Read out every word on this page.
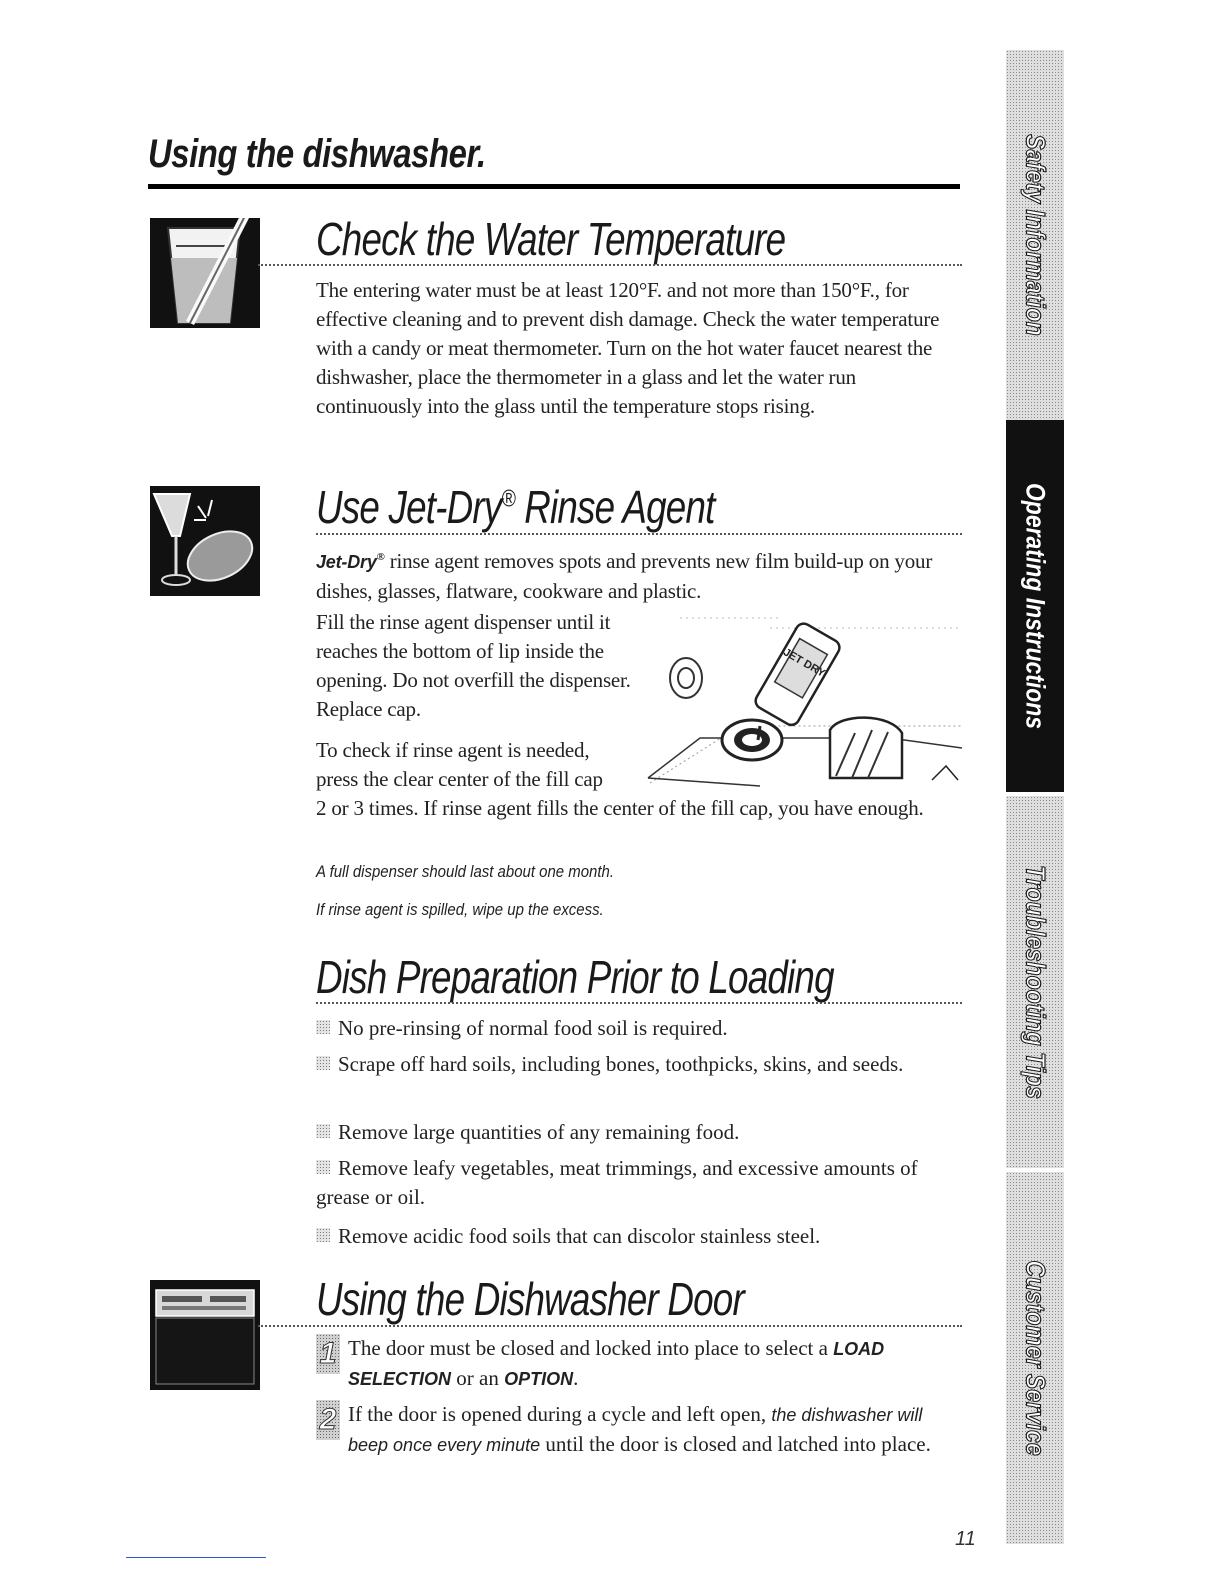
Using the dishwasher.
Check the Water Temperature
The entering water must be at least 120°F. and not more than 150°F., for effective cleaning and to prevent dish damage. Check the water temperature with a candy or meat thermometer. Turn on the hot water faucet nearest the dishwasher, place the thermometer in a glass and let the water run continuously into the glass until the temperature stops rising.
Use Jet-Dry® Rinse Agent
Jet-Dry® rinse agent removes spots and prevents new film build-up on your dishes, glasses, flatware, cookware and plastic.
Fill the rinse agent dispenser until it reaches the bottom of lip inside the opening. Do not overfill the dispenser. Replace cap.
To check if rinse agent is needed,
press the clear center of the fill cap
2 or 3 times. If rinse agent fills the center of the fill cap, you have enough.
JET DRY
A full dispenser should last about one month.
If rinse agent is spilled, wipe up the excess.
Dish Preparation Prior to Loading
No pre-rinsing of normal food soil is required.
Scrape off hard soils, including bones, toothpicks, skins, and seeds.
Remove large quantities of any remaining food.
Remove leafy vegetables, meat trimmings, and excessive amounts of grease or oil.
Remove acidic food soils that can discolor stainless steel.
Using the Dishwasher Door
1 The door must be closed and locked into place to select a LOAD SELECTION or an OPTION.
2 If the door is opened during a cycle and left open, the dishwasher will beep once every minute until the door is closed and latched into place.
Safety Information
Operating Instructions
Troubleshooting Tips
Customer Service
11
